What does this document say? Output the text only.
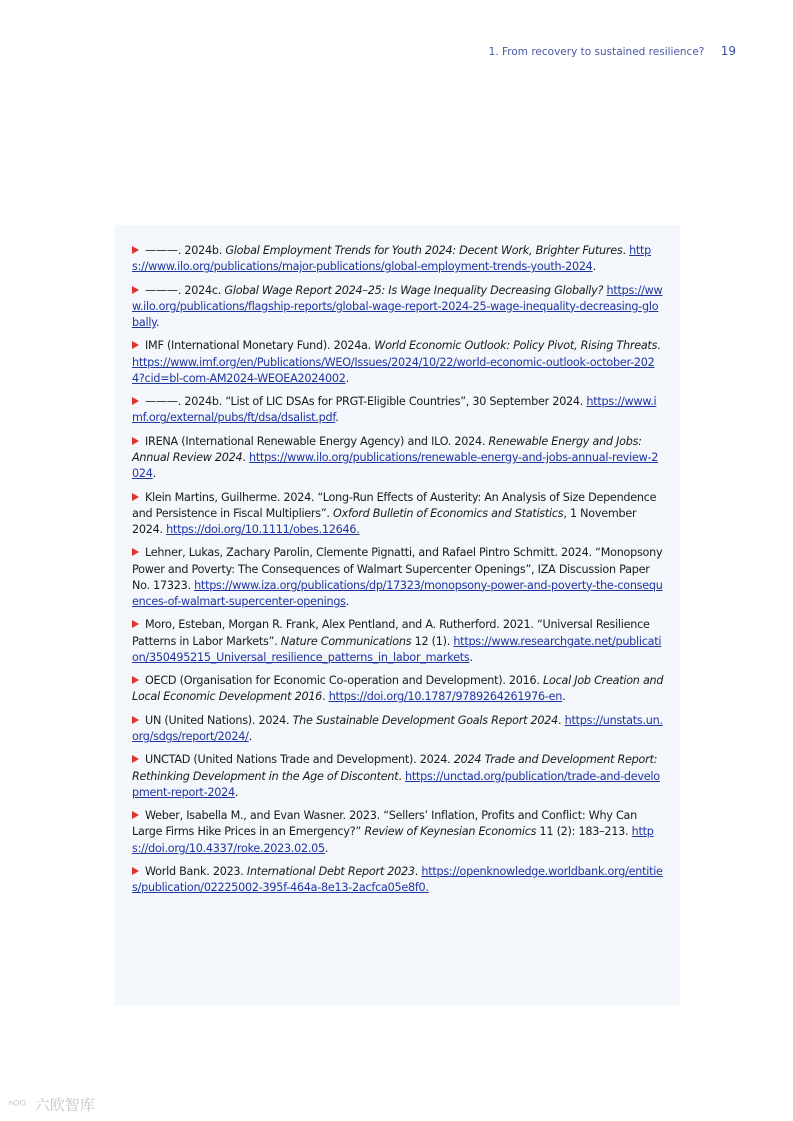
1. From recovery to sustained resilience? 19

———. 2024b. Global Employment Trends for Youth 2024: Decent Work, Brighter Futures. https://www.ilo.org/publications/major-publications/global-employment-trends-youth-2024.

———. 2024c. Global Wage Report 2024–25: Is Wage Inequality Decreasing Globally? https://www.ilo.org/publications/flagship-reports/global-wage-report-2024-25-wage-inequality-decreasing-globally.

IMF (International Monetary Fund). 2024a. World Economic Outlook: Policy Pivot, Rising Threats. https://www.imf.org/en/Publications/WEO/Issues/2024/10/22/world-economic-outlook-october-2024?cid=bl-com-AM2024-WEOEA2024002.

———. 2024b. “List of LIC DSAs for PRGT-Eligible Countries”, 30 September 2024. https://www.imf.org/external/pubs/ft/dsa/dsalist.pdf.

IRENA (International Renewable Energy Agency) and ILO. 2024. Renewable Energy and Jobs: Annual Review 2024. https://www.ilo.org/publications/renewable-energy-and-jobs-annual-review-2024.

Klein Martins, Guilherme. 2024. “Long-Run Effects of Austerity: An Analysis of Size Dependence and Persistence in Fiscal Multipliers”. Oxford Bulletin of Economics and Statistics, 1 November 2024. https://doi.org/10.1111/obes.12646.

Lehner, Lukas, Zachary Parolin, Clemente Pignatti, and Rafael Pintro Schmitt. 2024. “Monopsony Power and Poverty: The Consequences of Walmart Supercenter Openings”, IZA Discussion Paper No. 17323. https://www.iza.org/publications/dp/17323/monopsony-power-and-poverty-the-consequences-of-walmart-supercenter-openings.

Moro, Esteban, Morgan R. Frank, Alex Pentland, and A. Rutherford. 2021. “Universal Resilience Patterns in Labor Markets”. Nature Communications 12 (1). https://www.researchgate.net/publication/350495215_Universal_resilience_patterns_in_labor_markets.

OECD (Organisation for Economic Co-operation and Development). 2016. Local Job Creation and Local Economic Development 2016. https://doi.org/10.1787/9789264261976-en.

UN (United Nations). 2024. The Sustainable Development Goals Report 2024. https://unstats.un.org/sdgs/report/2024/.

UNCTAD (United Nations Trade and Development). 2024. 2024 Trade and Development Report: Rethinking Development in the Age of Discontent. https://unctad.org/publication/trade-and-development-report-2024.

Weber, Isabella M., and Evan Wasner. 2023. “Sellers’ Inflation, Profits and Conflict: Why Can Large Firms Hike Prices in an Emergency?” Review of Keynesian Economics 11 (2): 183–213. https://doi.org/10.4337/roke.2023.02.05.

World Bank. 2023. International Debt Report 2023. https://openknowledge.worldbank.org/entities/publication/02225002-395f-464a-8e13-2acfca05e8f0.

ᐢᴼᴼ 六欧智库
